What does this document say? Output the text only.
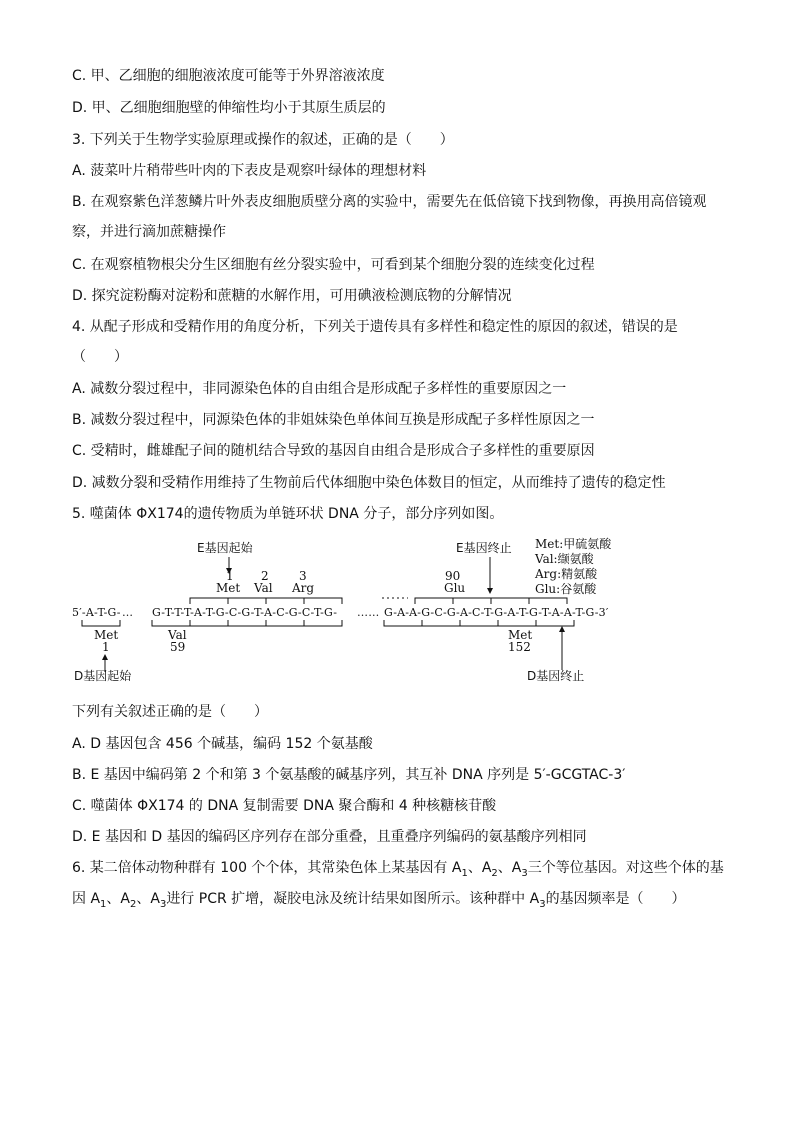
C. 甲、乙细胞的细胞液浓度可能等于外界溶液浓度
D. 甲、乙细胞细胞壁的伸缩性均小于其原生质层的
3. 下列关于生物学实验原理或操作的叙述，正确的是（　　）
A. 菠菜叶片稍带些叶肉的下表皮是观察叶绿体的理想材料
B. 在观察紫色洋葱鳞片叶外表皮细胞质壁分离的实验中，需要先在低倍镜下找到物像，再换用高倍镜观
察，并进行滴加蔗糖操作
C. 在观察植物根尖分生区细胞有丝分裂实验中，可看到某个细胞分裂的连续变化过程
D. 探究淀粉酶对淀粉和蔗糖的水解作用，可用碘液检测底物的分解情况
4. 从配子形成和受精作用的角度分析，下列关于遗传具有多样性和稳定性的原因的叙述，错误的是
（　　）
A. 减数分裂过程中，非同源染色体的自由组合是形成配子多样性的重要原因之一
B. 减数分裂过程中，同源染色体的非姐妹染色单体间互换是形成配子多样性原因之一
C. 受精时，雌雄配子间的随机结合导致的基因自由组合是形成合子多样性的重要原因
D. 减数分裂和受精作用维持了生物前后代体细胞中染色体数目的恒定，从而维持了遗传的稳定性
5. 噬菌体 ΦX174的遗传物质为单链环状 DNA 分子，部分序列如图。
E基因起始	E基因终止 Met:甲硫氨酸
Val:缬氨酸
Arg:精氨酸
Glu:谷氨酸
1
Met
2
Val
3
Arg
90
Glu
5′-A-T-G- … G-T-T-T-A-T-G-C-G-T-A-C-G-C-T-G- …… G-A-A-G-C-G-A-C-T-G-A-T-G-T-A-A-T-G-3′
Met
1
Val
59
Met
152
D基因起始	D基因终止
下列有关叙述正确的是（　　）
A. D 基因包含 456 个碱基，编码 152 个氨基酸
B. E 基因中编码第 2 个和第 3 个氨基酸的碱基序列，其互补 DNA 序列是 5′-GCGTAC-3′
C. 噬菌体 ΦX174 的 DNA 复制需要 DNA 聚合酶和 4 种核糖核苷酸
D. E 基因和 D 基因的编码区序列存在部分重叠，且重叠序列编码的氨基酸序列相同
6. 某二倍体动物种群有 100 个个体，其常染色体上某基因有 $A_1$、$A_2$、$A_3$三个等位基因。对这些个体的基
因 $A_1$、$A_2$、$A_3$进行 PCR 扩增，凝胶电泳及统计结果如图所示。该种群中 $A_3$的基因频率是（　　）
